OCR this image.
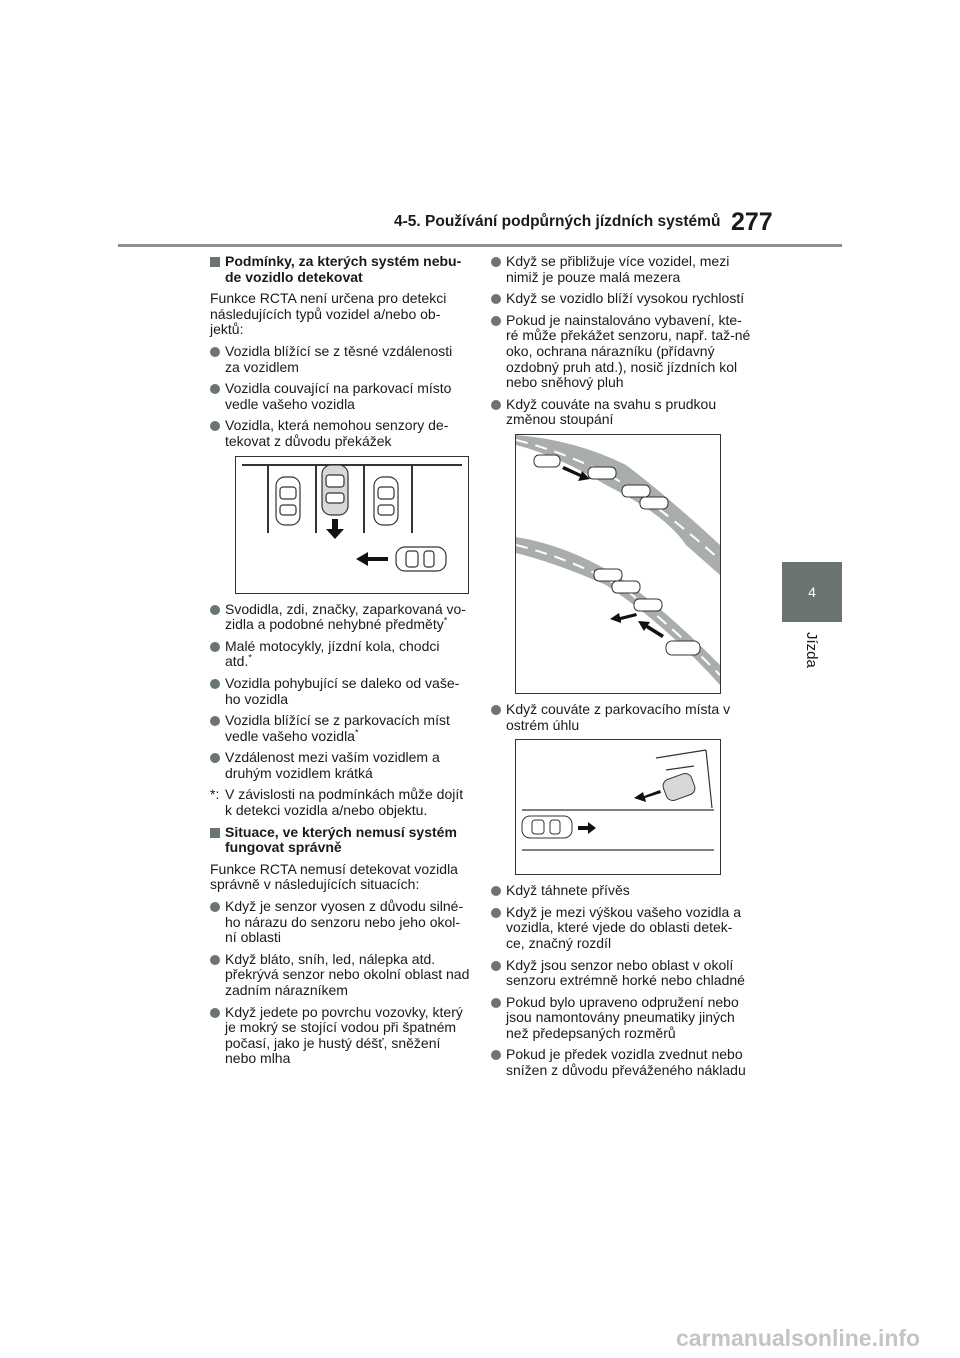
4-5. Používání podpůrných jízdních systémů 277
4
Jízda
Podmínky, za kterých systém nebu-de vozidlo detekovat
Funkce RCTA není určena pro detekci následujících typů vozidel a/nebo ob-jektů:
Vozidla blížící se z těsné vzdálenosti za vozidlem
Vozidla couvající na parkovací místo vedle vašeho vozidla
Vozidla, která nemohou senzory de-tekovat z důvodu překážek
Svodidla, zdi, značky, zaparkovaná vo-zidla a podobné nehybné předměty*
Malé motocykly, jízdní kola, chodci atd.*
Vozidla pohybující se daleko od vaše-ho vozidla
Vozidla blížící se z parkovacích míst vedle vašeho vozidla*
Vzdálenost mezi vaším vozidlem a druhým vozidlem krátká
*: V závislosti na podmínkách může dojít k detekci vozidla a/nebo objektu.
Situace, ve kterých nemusí systém fungovat správně
Funkce RCTA nemusí detekovat vozidla správně v následujících situacích:
Když je senzor vyosen z důvodu silné-ho nárazu do senzoru nebo jeho okol-ní oblasti
Když bláto, sníh, led, nálepka atd. překrývá senzor nebo okolní oblast nad zadním nárazníkem
Když jedete po povrchu vozovky, který je mokrý se stojící vodou při špatném počasí, jako je hustý déšť, sněžení nebo mlha
Když se přibližuje více vozidel, mezi nimiž je pouze malá mezera
Když se vozidlo blíží vysokou rychlostí
Pokud je nainstalováno vybavení, kte-ré může překážet senzoru, např. taž-né oko, ochrana nárazníku (přídavný ozdobný pruh atd.), nosič jízdních kol nebo sněhový pluh
Když couváte na svahu s prudkou změnou stoupání
Když couváte z parkovacího místa v ostrém úhlu
Když táhnete přívěs
Když je mezi výškou vašeho vozidla a vozidla, které vjede do oblasti detek-ce, značný rozdíl
Když jsou senzor nebo oblast v okolí senzoru extrémně horké nebo chladné
Pokud bylo upraveno odpružení nebo jsou namontovány pneumatiky jiných než předepsaných rozměrů
Pokud je předek vozidla zvednut nebo snížen z důvodu převáženého nákladu
carmanualsonline.info
